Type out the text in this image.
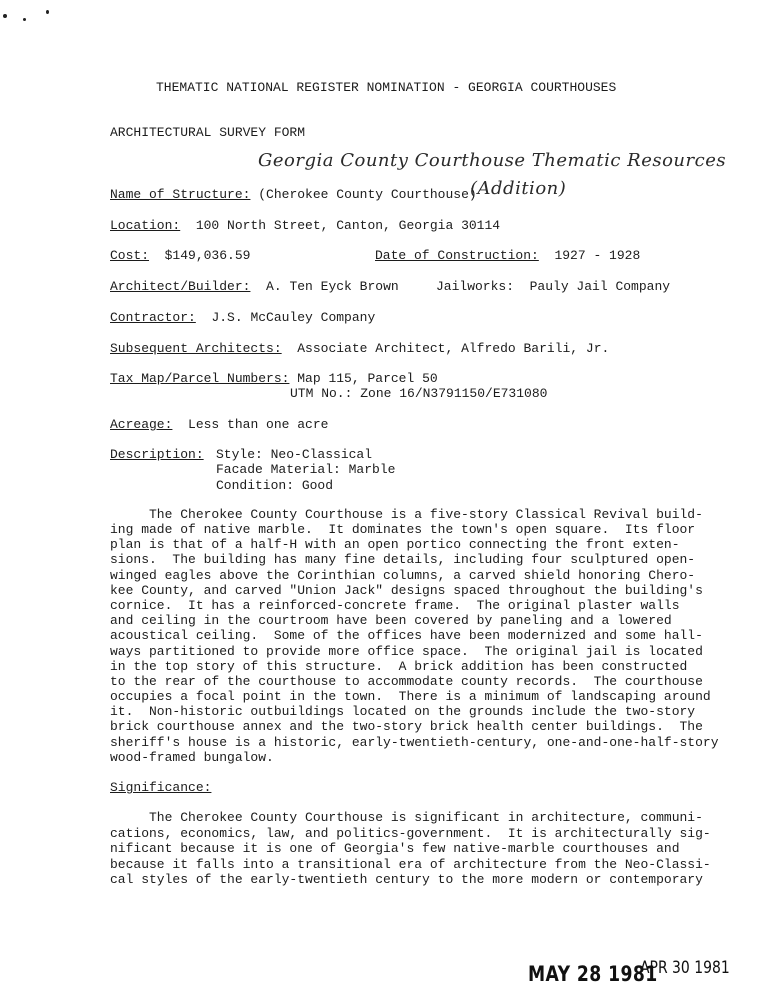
THEMATIC NATIONAL REGISTER NOMINATION - GEORGIA COURTHOUSES
ARCHITECTURAL SURVEY FORM
Georgia County Courthouse Thematic Resources
Name of Structure: (Cherokee County Courthouse)
(Addition)
Location: 100 North Street, Canton, Georgia 30114
Cost: $149,036.59	Date of Construction: 1927 - 1928
Architect/Builder: A. Ten Eyck Brown	Jailworks: Pauly Jail Company
Contractor: J.S. McCauley Company
Subsequent Architects: Associate Architect, Alfredo Barili, Jr.
Tax Map/Parcel Numbers: Map 115, Parcel 50
UTM No.: Zone 16/N3791150/E731080
Acreage: Less than one acre
Description: Style: Neo-Classical
Facade Material: Marble
Condition: Good
The Cherokee County Courthouse is a five-story Classical Revival build-
ing made of native marble.  It dominates the town's open square.  Its floor
plan is that of a half-H with an open portico connecting the front exten-
sions.  The building has many fine details, including four sculptured open-
winged eagles above the Corinthian columns, a carved shield honoring Chero-
kee County, and carved "Union Jack" designs spaced throughout the building's
cornice.  It has a reinforced-concrete frame.  The original plaster walls
and ceiling in the courtroom have been covered by paneling and a lowered
acoustical ceiling.  Some of the offices have been modernized and some hall-
ways partitioned to provide more office space.  The original jail is located
in the top story of this structure.  A brick addition has been constructed
to the rear of the courthouse to accommodate county records.  The courthouse
occupies a focal point in the town.  There is a minimum of landscaping around
it.  Non-historic outbuildings located on the grounds include the two-story
brick courthouse annex and the two-story brick health center buildings.  The
sheriff's house is a historic, early-twentieth-century, one-and-one-half-story
wood-framed bungalow.
Significance:
The Cherokee County Courthouse is significant in architecture, communi-
cations, economics, law, and politics-government.  It is architecturally sig-
nificant because it is one of Georgia's few native-marble courthouses and
because it falls into a transitional era of architecture from the Neo-Classi-
cal styles of the early-twentieth century to the more modern or contemporary
MAY 28 1981
APR 30 1981
